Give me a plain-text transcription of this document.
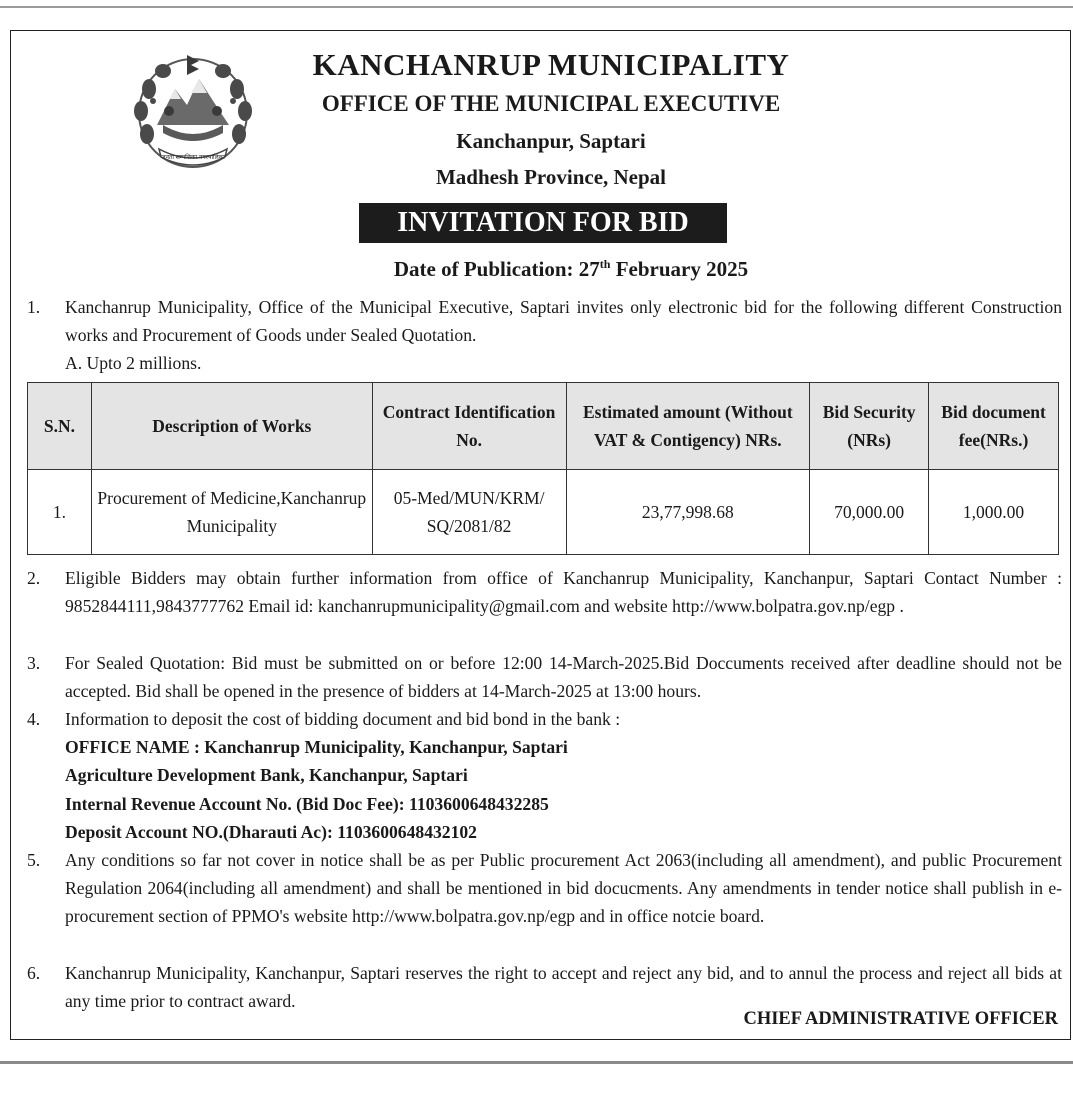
जनता सम्पत्तिका नगरपालिका
KANCHANRUP MUNICIPALITY
OFFICE OF THE MUNICIPAL EXECUTIVE
Kanchanpur, Saptari
Madhesh Province, Nepal
INVITATION FOR BID
Date of Publication: 27th February 2025
1.	Kanchanrup Municipality, Office of the Municipal Executive, Saptari invites only electronic bid for the following different Construction works and Procurement of Goods under Sealed Quotation.
A. Upto 2 millions.
S.N.	Description of Works	Contract Identification No.	Estimated amount (Without VAT & Contigency) NRs.	Bid Security (NRs)	Bid document fee(NRs.)
1.	Procurement of Medicine,Kanchanrup Municipality	05-Med/MUN/KRM/ SQ/2081/82	23,77,998.68	70,000.00	1,000.00
2.	Eligible Bidders may obtain further information from office of Kanchanrup Municipality, Kanchanpur, Saptari Contact Number : 9852844111,9843777762 Email id: kanchanrupmunicipality@gmail.com and website http://www.bolpatra.gov.np/egp .
3.	For Sealed Quotation: Bid must be submitted on or before 12:00 14-March-2025.Bid Doccuments received after deadline should not be accepted. Bid shall be opened in the presence of bidders at 14-March-2025 at 13:00 hours.
4.	Information to deposit the cost of bidding document and bid bond in the bank :
OFFICE NAME : Kanchanrup Municipality, Kanchanpur, Saptari
Agriculture Development Bank, Kanchanpur, Saptari
Internal Revenue Account No. (Bid Doc Fee): 1103600648432285
Deposit Account NO.(Dharauti Ac): 1103600648432102
5.	Any conditions so far not cover in notice shall be as per Public procurement Act 2063(including all amendment), and public Procurement Regulation 2064(including all amendment) and shall be mentioned in bid docucments. Any amendments in tender notice shall publish in e-procurement section of PPMO's website http://www.bolpatra.gov.np/egp and in office notcie board.
6.	Kanchanrup Municipality, Kanchanpur, Saptari reserves the right to accept and reject any bid, and to annul the process and reject all bids at any time prior to contract award.
CHIEF ADMINISTRATIVE OFFICER
